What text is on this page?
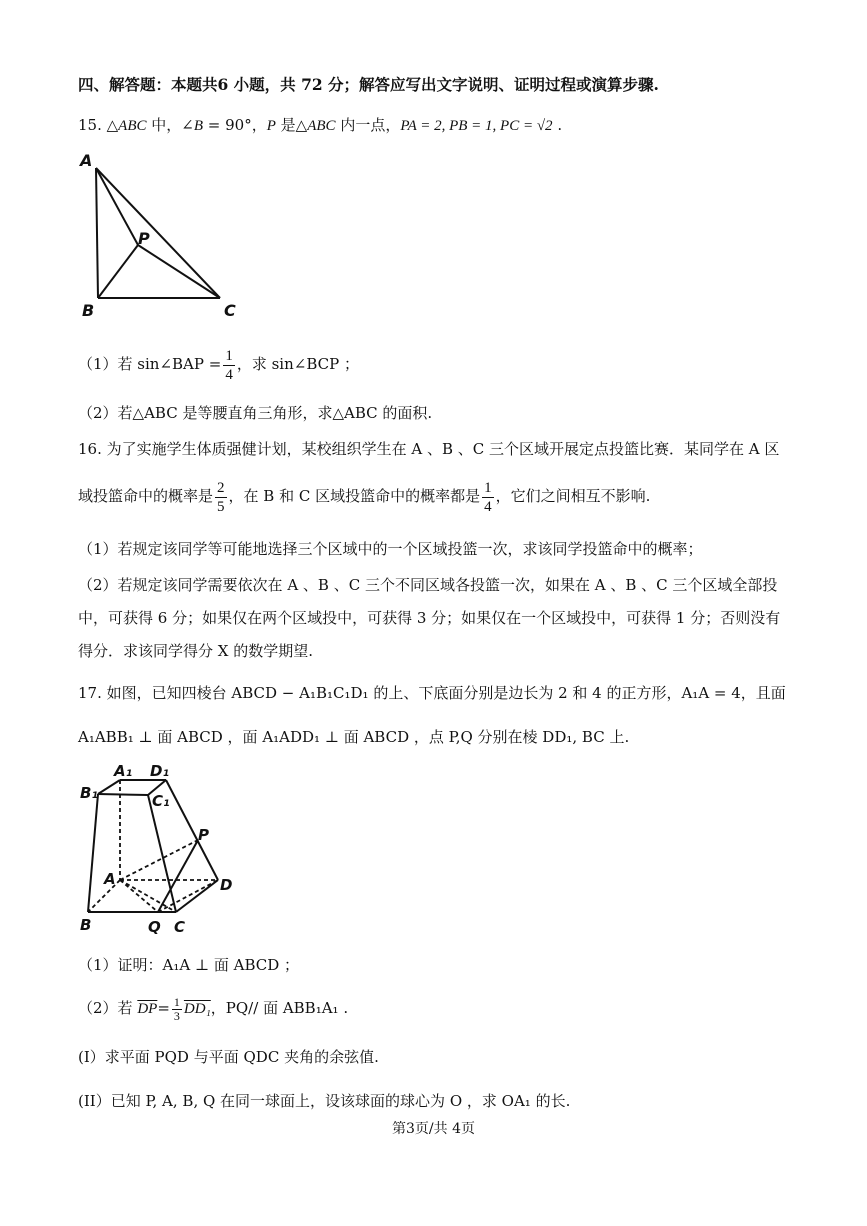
四、解答题：本题共6 小题，共 72 分；解答应写出文字说明、证明过程或演算步骤.
15. △ABC 中，∠B = 90°，P 是△ABC 内一点，PA = 2, PB = 1, PC = √2 .
A
P
B	C
（1）若 sin∠BAP = $\frac{1}{4}$ ，求 sin∠BCP ；
（2）若△ABC 是等腰直角三角形，求△ABC 的面积.
16. 为了实施学生体质强健计划，某校组织学生在 A 、B 、C 三个区域开展定点投篮比赛．某同学在 A 区
域投篮命中的概率是 $\frac{2}{5}$ ，在 B 和 C 区域投篮命中的概率都是 $\frac{1}{4}$ ，它们之间相互不影响.
（1）若规定该同学等可能地选择三个区域中的一个区域投篮一次，求该同学投篮命中的概率；
（2）若规定该同学需要依次在 A 、B 、C 三个不同区域各投篮一次，如果在 A 、B 、C 三个区域全部投
中，可获得 6 分；如果仅在两个区域投中，可获得 3 分；如果仅在一个区域投中，可获得 1 分；否则没有
得分．求该同学得分 X 的数学期望.
17. 如图，已知四棱台 ABCD − A₁B₁C₁D₁ 的上、下底面分别是边长为 2 和 4 的正方形，A₁A = 4，且面
A₁ABB₁ ⊥ 面 ABCD ，面 A₁ADD₁ ⊥ 面 ABCD ，点 P,Q 分别在棱 DD₁, BC 上.
A₁ D₁
B₁	C₁
P
A	D
B	Q C
（1）证明：A₁A ⊥ 面 ABCD ；
（2）若 $\overline{DP}= \frac{1}{3} DD_1$，PQ// 面 ABB₁A₁ .
(I）求平面 PQD 与平面 QDC 夹角的余弦值.
(II）已知 P, A, B, Q 在同一球面上，设该球面的球心为 O ，求 OA₁ 的长.
第3页/共 4页
